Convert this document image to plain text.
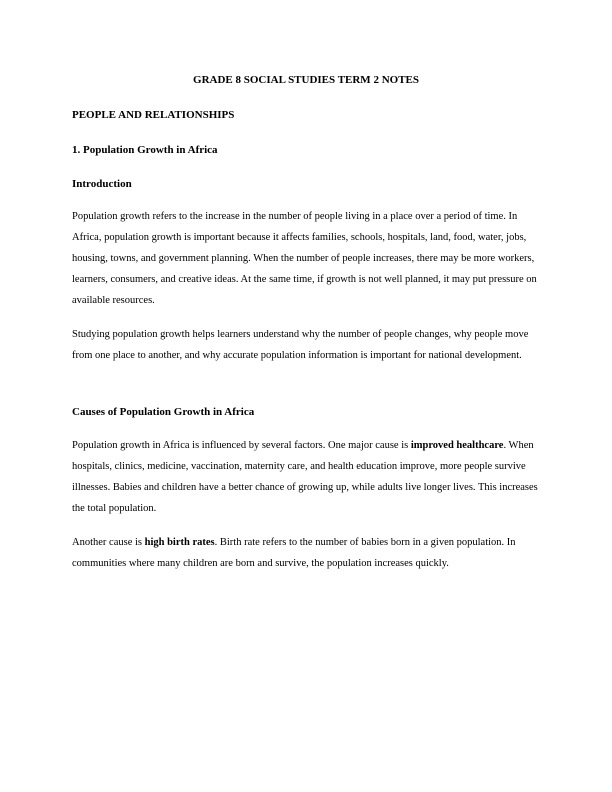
GRADE 8 SOCIAL STUDIES TERM 2 NOTES
PEOPLE AND RELATIONSHIPS
1. Population Growth in Africa
Introduction
Population growth refers to the increase in the number of people living in a place over a period of time. In Africa, population growth is important because it affects families, schools, hospitals, land, food, water, jobs, housing, towns, and government planning. When the number of people increases, there may be more workers, learners, consumers, and creative ideas. At the same time, if growth is not well planned, it may put pressure on available resources.
Studying population growth helps learners understand why the number of people changes, why people move from one place to another, and why accurate population information is important for national development.
Causes of Population Growth in Africa
Population growth in Africa is influenced by several factors. One major cause is improved healthcare. When hospitals, clinics, medicine, vaccination, maternity care, and health education improve, more people survive illnesses. Babies and children have a better chance of growing up, while adults live longer lives. This increases the total population.
Another cause is high birth rates. Birth rate refers to the number of babies born in a given population. In communities where many children are born and survive, the population increases quickly.
